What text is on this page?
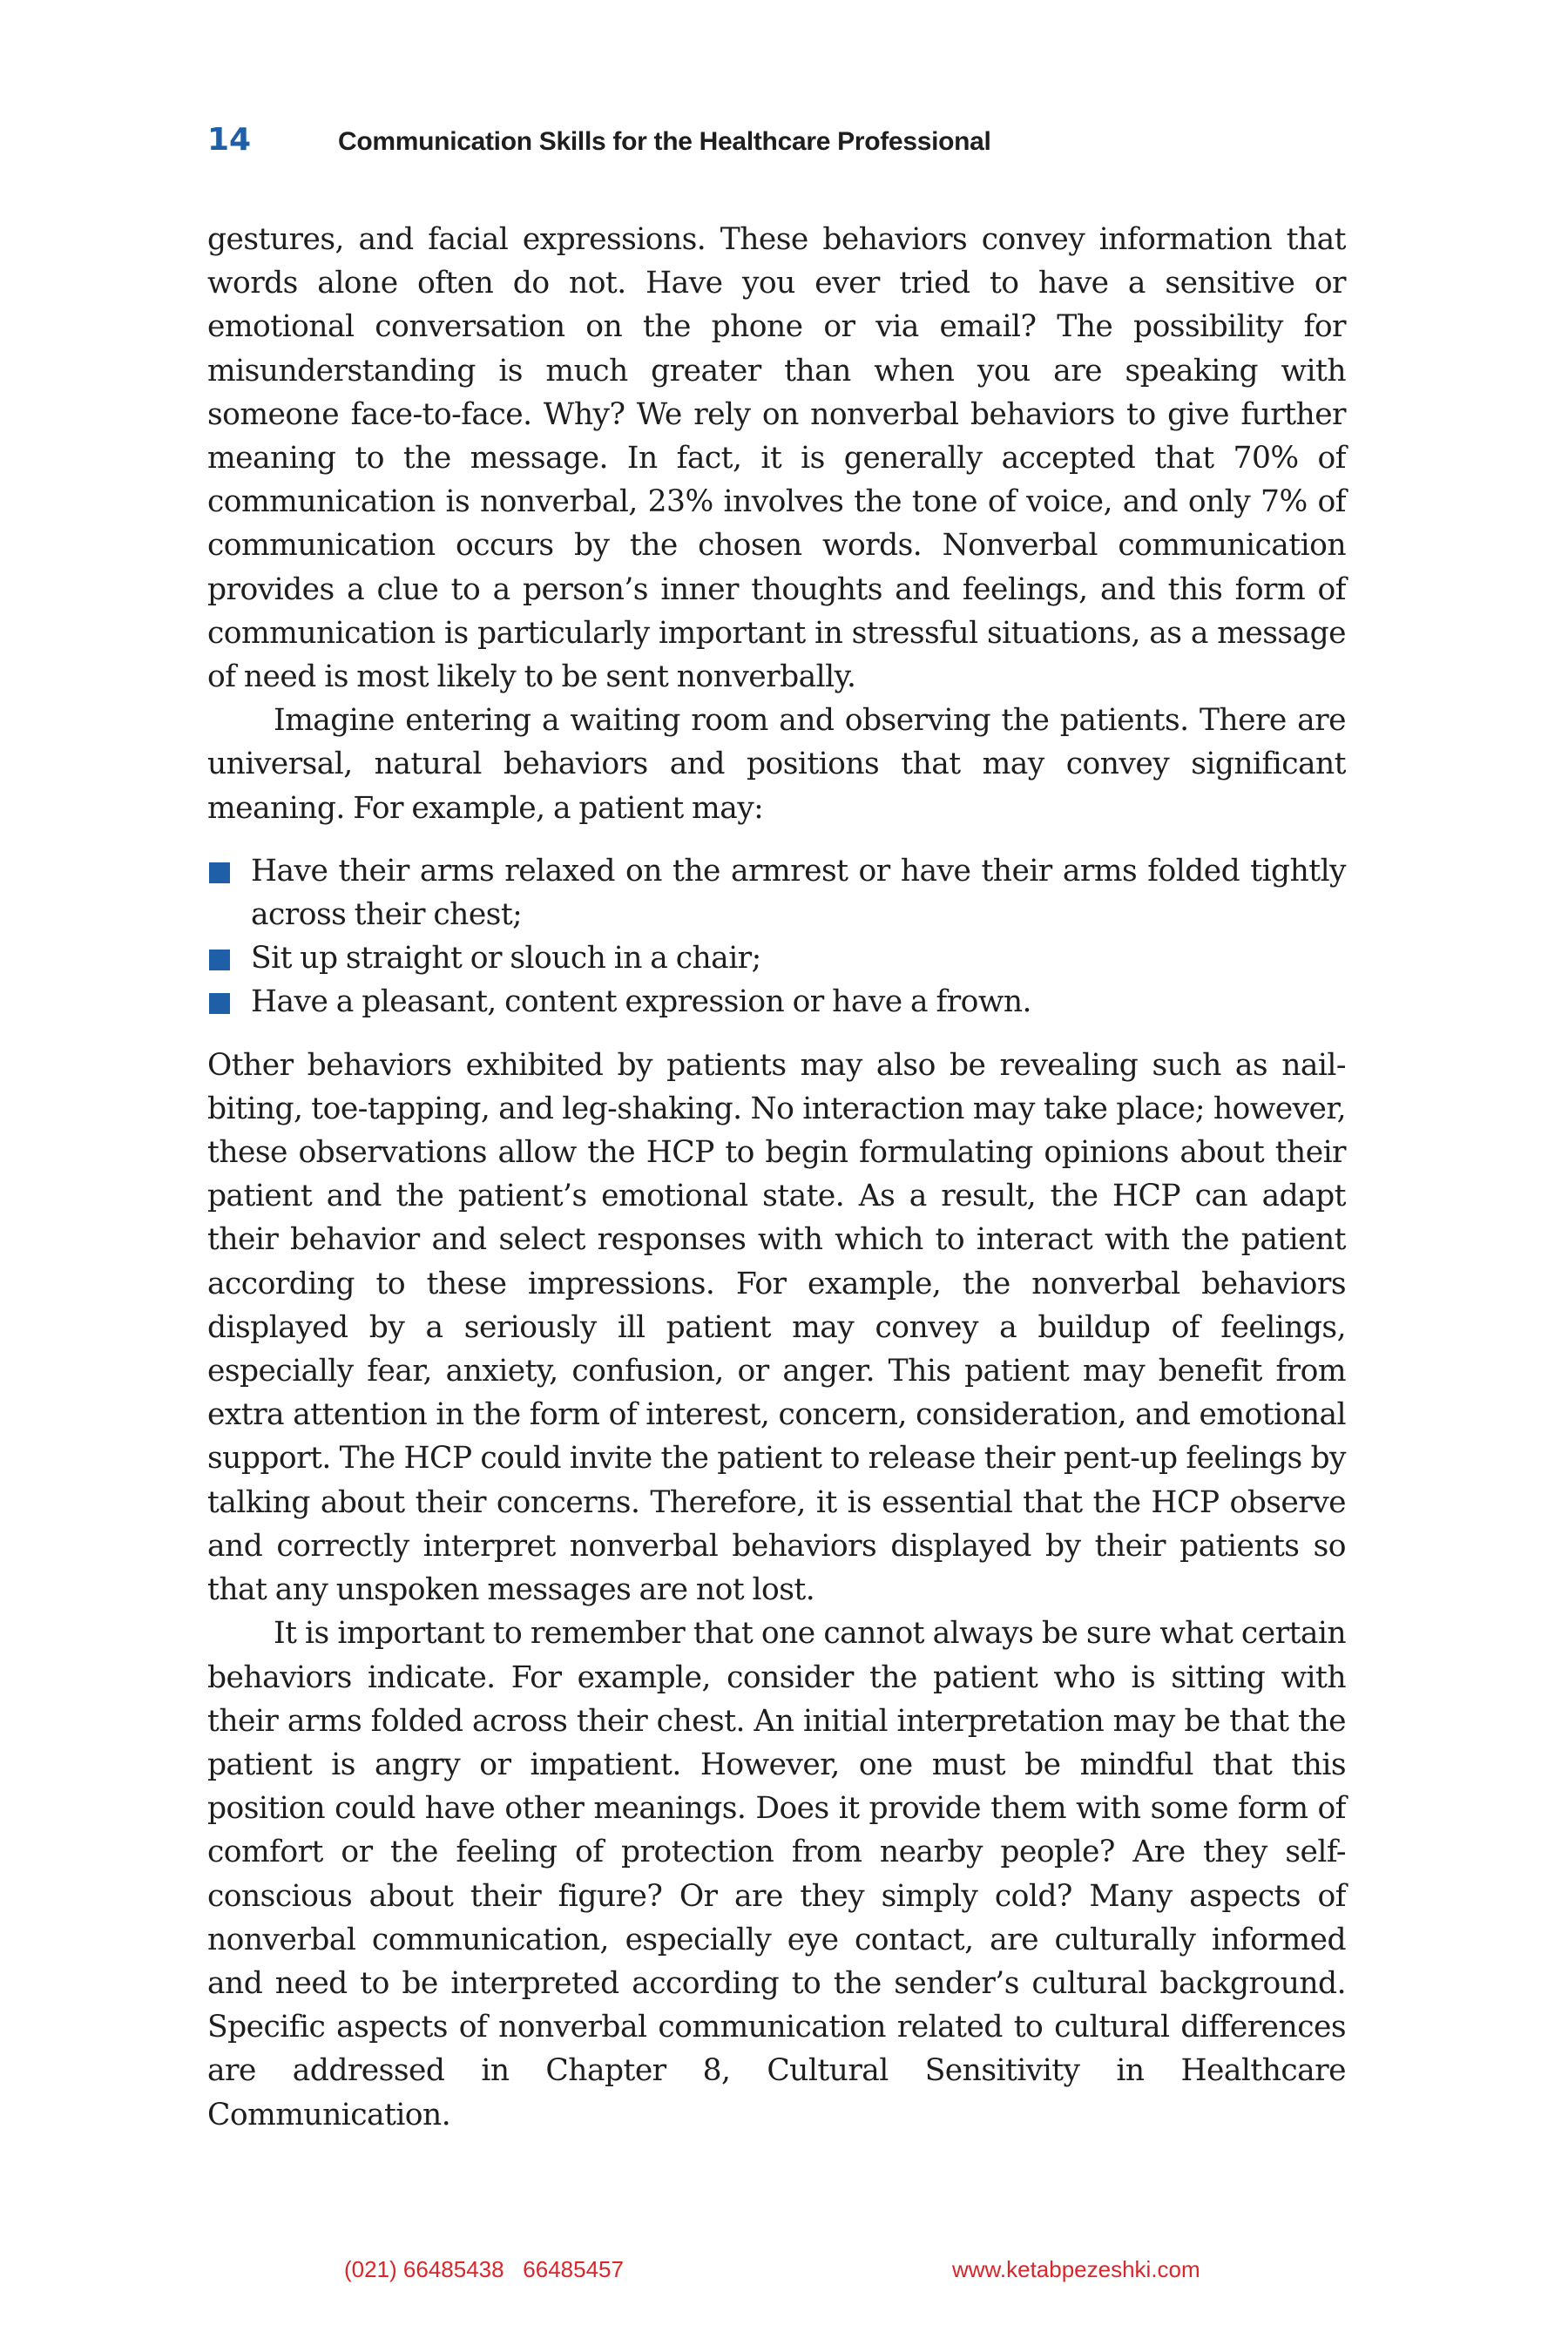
14	Communication Skills for the Healthcare Professional

gestures, and facial expressions. These behaviors convey information that words alone often do not. Have you ever tried to have a sensitive or emotional conversation on the phone or via email? The possibility for misunderstanding is much greater than when you are speaking with someone face-to-face. Why? We rely on nonverbal behaviors to give further meaning to the message. In fact, it is generally accepted that 70% of communication is nonverbal, 23% involves the tone of voice, and only 7% of communication occurs by the chosen words. Nonverbal communication provides a clue to a person’s inner thoughts and feelings, and this form of communication is particularly important in stressful situations, as a message of need is most likely to be sent nonverbally.

Imagine entering a waiting room and observing the patients. There are universal, natural behaviors and positions that may convey significant meaning. For example, a patient may:

Have their arms relaxed on the armrest or have their arms folded tightly across their chest;
Sit up straight or slouch in a chair;
Have a pleasant, content expression or have a frown.

Other behaviors exhibited by patients may also be revealing such as nail-biting, toe-tapping, and leg-shaking. No interaction may take place; however, these observations allow the HCP to begin formulating opinions about their patient and the patient’s emotional state. As a result, the HCP can adapt their behavior and select responses with which to interact with the patient according to these impressions. For example, the nonverbal behaviors displayed by a seriously ill patient may convey a buildup of feelings, especially fear, anxiety, confusion, or anger. This patient may benefit from extra attention in the form of interest, concern, consideration, and emotional support. The HCP could invite the patient to release their pent-up feelings by talking about their concerns. Therefore, it is essential that the HCP observe and correctly interpret nonverbal behaviors displayed by their patients so that any unspoken messages are not lost.

It is important to remember that one cannot always be sure what certain behaviors indicate. For example, consider the patient who is sitting with their arms folded across their chest. An initial interpretation may be that the patient is angry or impatient. However, one must be mindful that this position could have other meanings. Does it provide them with some form of comfort or the feeling of protection from nearby people? Are they self-conscious about their figure? Or are they simply cold? Many aspects of nonverbal communication, especially eye contact, are culturally informed and need to be interpreted according to the sender’s cultural background. Specific aspects of nonverbal communication related to cultural differences are addressed in Chapter 8, Cultural Sensitivity in Healthcare Communication.

(021) 66485438   66485457	www.ketabpezeshki.com
